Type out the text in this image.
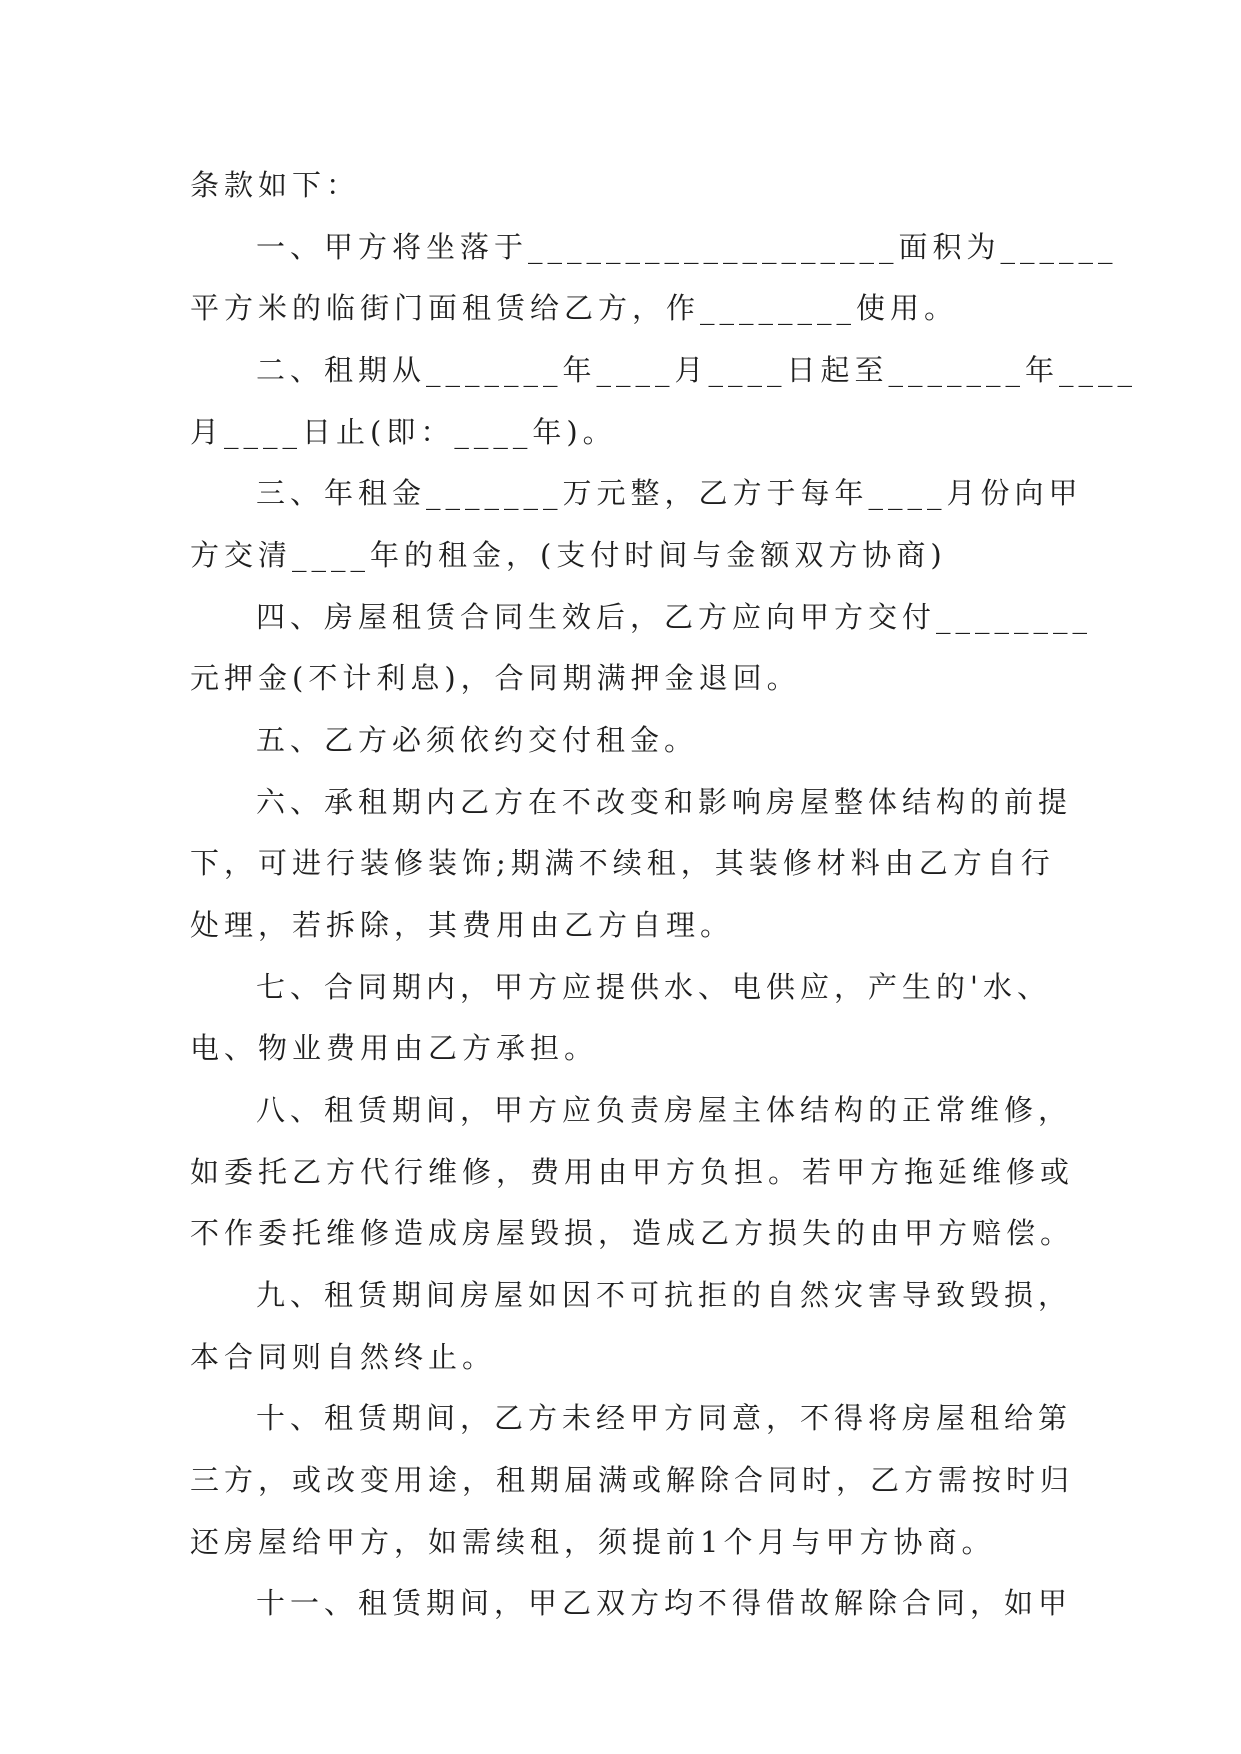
条款如下：

一、甲方将坐落于___________________面积为______

平方米的临街门面租赁给乙方，作________使用。

二、租期从_______年____月____日起至_______年____

月____日止(即：____年)。

三、年租金_______万元整，乙方于每年____月份向甲

方交清____年的租金，(支付时间与金额双方协商)

四、房屋租赁合同生效后，乙方应向甲方交付________

元押金(不计利息)，合同期满押金退回。

五、乙方必须依约交付租金。

六、承租期内乙方在不改变和影响房屋整体结构的前提

下，可进行装修装饰;期满不续租，其装修材料由乙方自行

处理，若拆除，其费用由乙方自理。

七、合同期内，甲方应提供水、电供应，产生的'水、

电、物业费用由乙方承担。

八、租赁期间，甲方应负责房屋主体结构的正常维修，

如委托乙方代行维修，费用由甲方负担。若甲方拖延维修或

不作委托维修造成房屋毁损，造成乙方损失的由甲方赔偿。

九、租赁期间房屋如因不可抗拒的自然灾害导致毁损，

本合同则自然终止。

十、租赁期间，乙方未经甲方同意，不得将房屋租给第

三方，或改变用途，租期届满或解除合同时，乙方需按时归

还房屋给甲方，如需续租，须提前1个月与甲方协商。

十一、租赁期间，甲乙双方均不得借故解除合同，如甲
